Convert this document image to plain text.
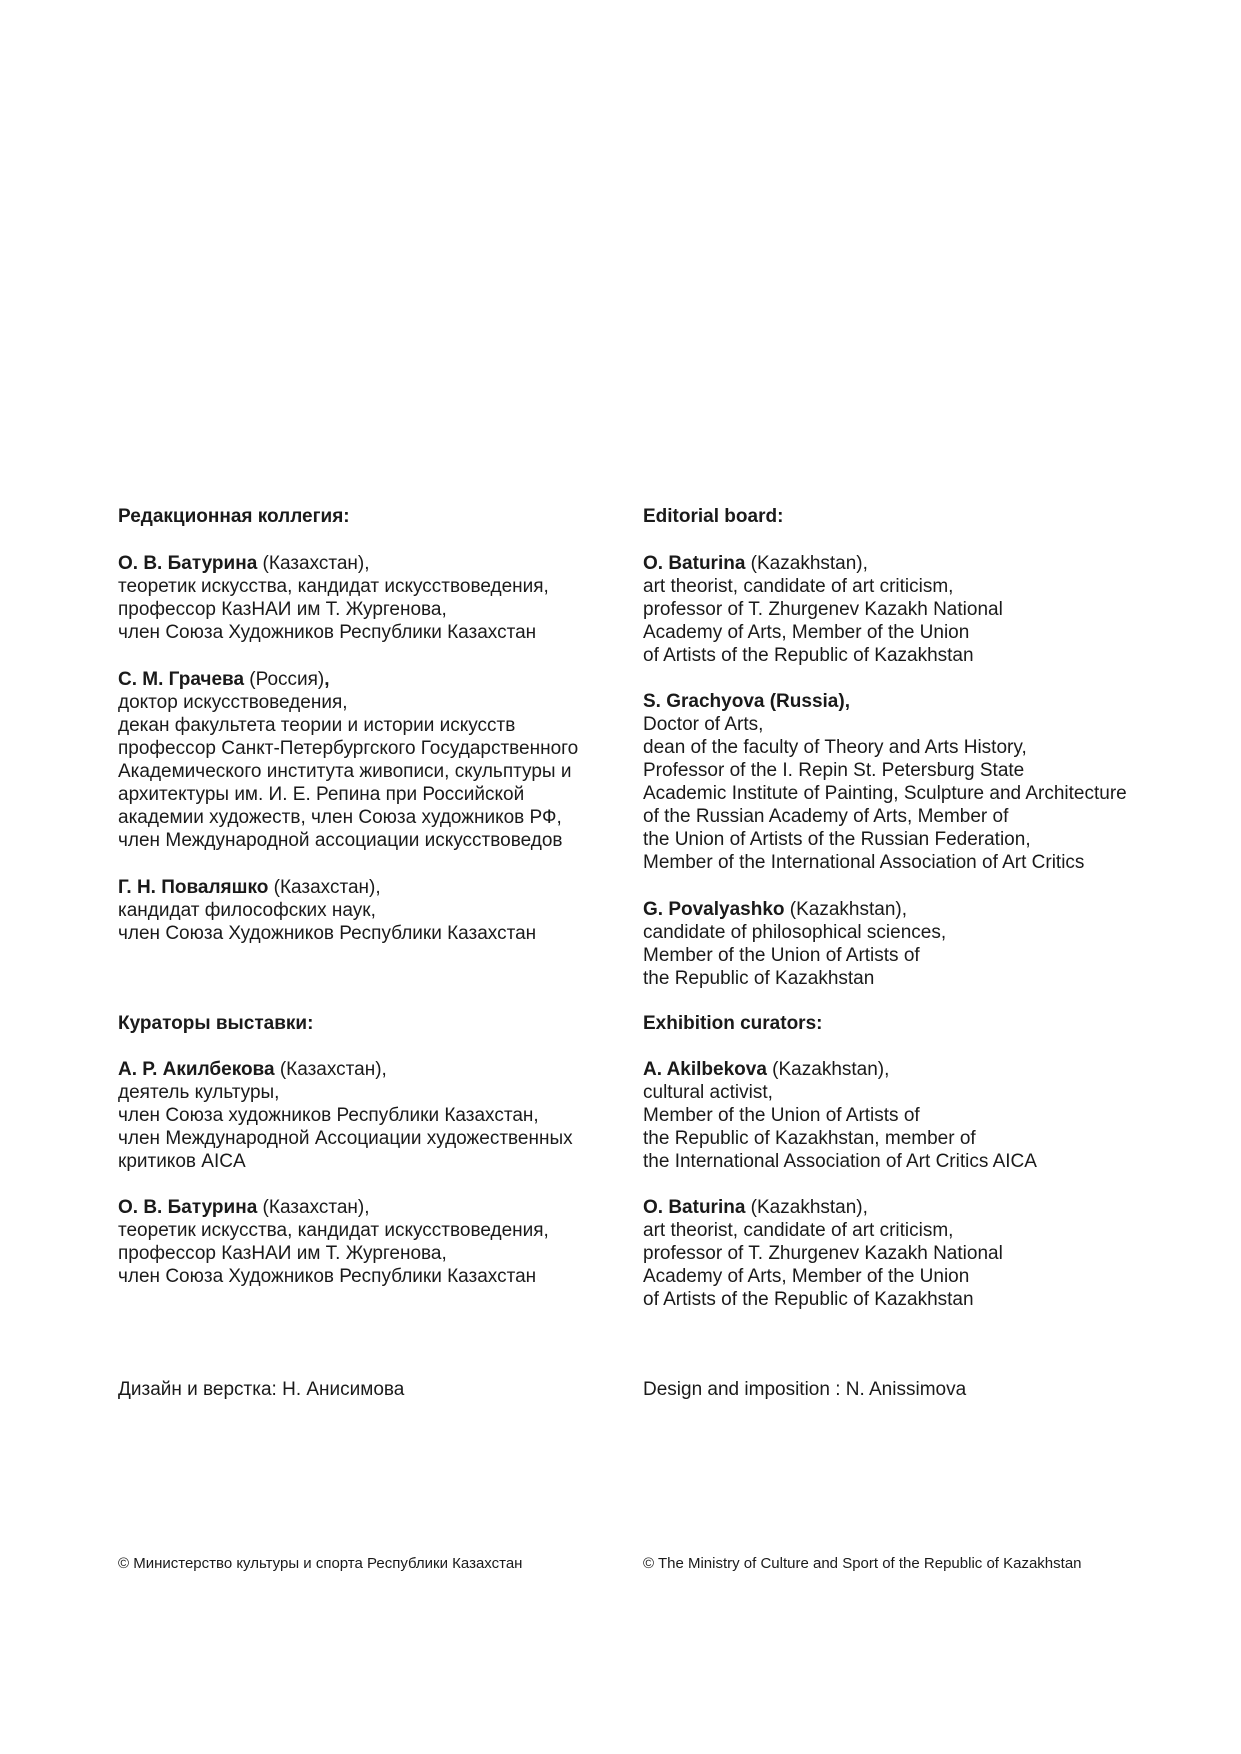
Редакционная коллегия:
О. В. Батурина (Казахстан),
теоретик искусства, кандидат искусствоведения,
профессор КазНАИ им Т. Жургенова,
член Союза Художников Республики Казахстан
С. М. Грачева (Россия),
доктор искусствоведения,
декан факультета теории и истории искусств
профессор Санкт-Петербургского Государственного
Академического института живописи, скульптуры и
архитектуры им. И. Е. Репина при Российской
академии художеств, член Союза художников РФ,
член Международной ассоциации искусствоведов
Г. Н. Поваляшко (Казахстан),
кандидат философских наук,
член Союза Художников Республики Казахстан
Кураторы выставки:
А. Р. Акилбекова (Казахстан),
деятель культуры,
член Союза художников Республики Казахстан,
член Международной Ассоциации художественных
критиков AICA
О. В. Батурина (Казахстан),
теоретик искусства, кандидат искусствоведения,
профессор КазНАИ им Т. Жургенова,
член Союза Художников Республики Казахстан
Дизайн и верстка: Н. Анисимова
© Министерство культуры и спорта Республики Казахстан
Editorial board:
O. Baturina (Kazakhstan),
art theorist, candidate of art criticism,
professor of T. Zhurgenev Kazakh National
Academy of Arts, Member of the Union
of Artists of the Republic of Kazakhstan
S. Grachyova (Russia),
Doctor of Arts,
dean of the faculty of Theory and Arts History,
Professor of the I. Repin St. Petersburg State
Academic Institute of Painting, Sculpture and Architecture
of the Russian Academy of Arts, Member of
the Union of Artists of the Russian Federation,
Member of the International Association of Art Critics
G. Povalyashko (Kazakhstan),
candidate of philosophical sciences,
Member of the Union of Artists of
the Republic of Kazakhstan
Exhibition curators:
A. Akilbekova (Kazakhstan),
cultural activist,
Member of the Union of Artists of
the Republic of Kazakhstan, member of
the International Association of Art Critics AICA
O. Baturina (Kazakhstan),
art theorist, candidate of art criticism,
professor of T. Zhurgenev Kazakh National
Academy of Arts, Member of the Union
of Artists of the Republic of Kazakhstan
Design and imposition : N. Anissimova
© The Ministry of Culture and Sport of the Republic of Kazakhstan
